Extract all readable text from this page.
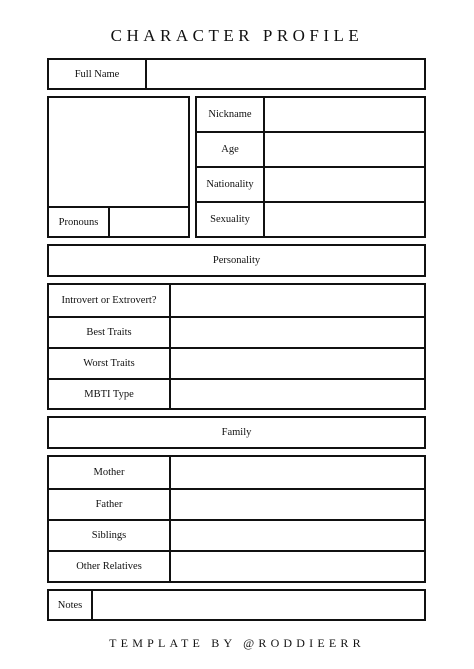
CHARACTER PROFILE
Full Name
Pronouns
Nickname
Age
Nationality
Sexuality
Personality
Introvert or Extrovert?
Best Traits
Worst Traits
MBTI Type
Family
Mother
Father
Siblings
Other Relatives
Notes
TEMPLATE BY @RODDIEERR
